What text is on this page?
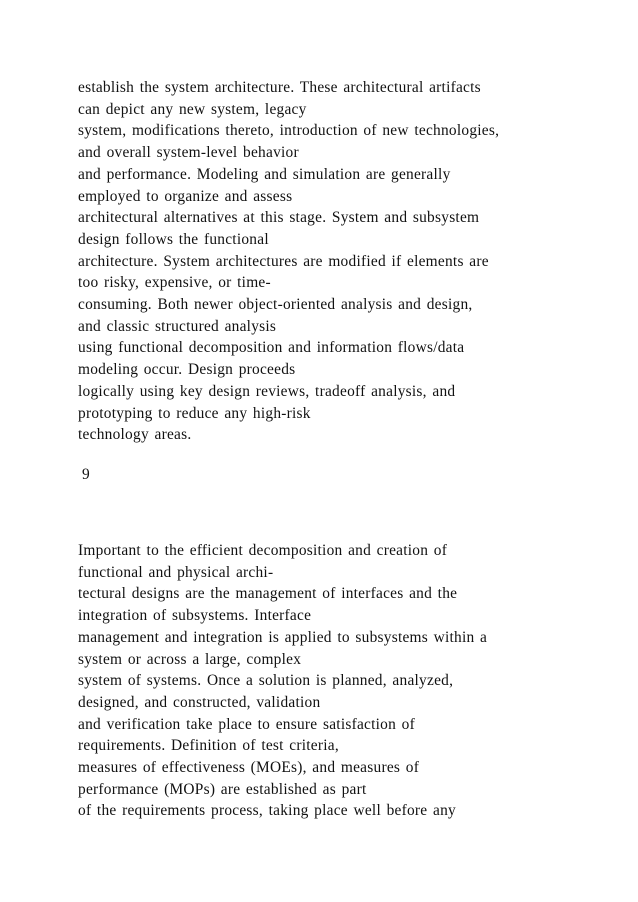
establish the system architecture. These architectural artifacts
can depict any new system, legacy
system, modifications thereto, introduction of new technologies,
and overall system-level behavior
and performance. Modeling and simulation are generally
employed to organize and assess
architectural alternatives at this stage. System and subsystem
design follows the functional
architecture. System architectures are modified if elements are
too risky, expensive, or time-
consuming. Both newer object-oriented analysis and design,
and classic structured analysis
using functional decomposition and information flows/data
modeling occur. Design proceeds
logically using key design reviews, tradeoff analysis, and
prototyping to reduce any high-risk
technology areas.

9

Important to the efficient decomposition and creation of
functional and physical archi-
tectural designs are the management of interfaces and the
integration of subsystems. Interface
management and integration is applied to subsystems within a
system or across a large, complex
system of systems. Once a solution is planned, analyzed,
designed, and constructed, validation
and verification take place to ensure satisfaction of
requirements. Definition of test criteria,
measures of effectiveness (MOEs), and measures of
performance (MOPs) are established as part
of the requirements process, taking place well before any
